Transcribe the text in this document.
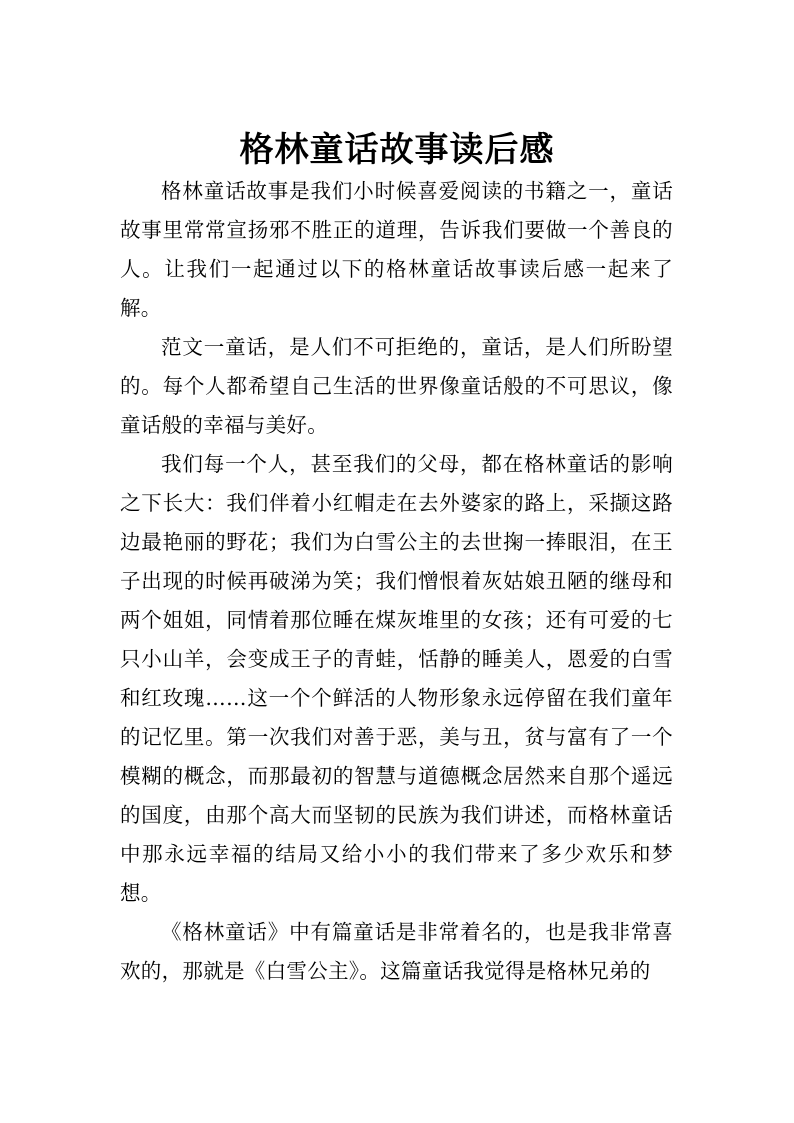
格林童话故事读后感

格林童话故事是我们小时候喜爱阅读的书籍之一，童话故事里常常宣扬邪不胜正的道理，告诉我们要做一个善良的人。让我们一起通过以下的格林童话故事读后感一起来了解。

范文一童话，是人们不可拒绝的，童话，是人们所盼望的。每个人都希望自己生活的世界像童话般的不可思议，像童话般的幸福与美好。

我们每一个人，甚至我们的父母，都在格林童话的影响之下长大：我们伴着小红帽走在去外婆家的路上，采撷这路边最艳丽的野花；我们为白雪公主的去世掬一捧眼泪，在王子出现的时候再破涕为笑；我们憎恨着灰姑娘丑陋的继母和两个姐姐，同情着那位睡在煤灰堆里的女孩；还有可爱的七只小山羊，会变成王子的青蛙，恬静的睡美人，恩爱的白雪和红玫瑰……这一个个鲜活的人物形象永远停留在我们童年的记忆里。第一次我们对善于恶，美与丑，贫与富有了一个模糊的概念，而那最初的智慧与道德概念居然来自那个遥远的国度，由那个高大而坚韧的民族为我们讲述，而格林童话中那永远幸福的结局又给小小的我们带来了多少欢乐和梦想。

《格林童话》中有篇童话是非常着名的，也是我非常喜欢的，那就是《白雪公主》。这篇童话我觉得是格林兄弟的
